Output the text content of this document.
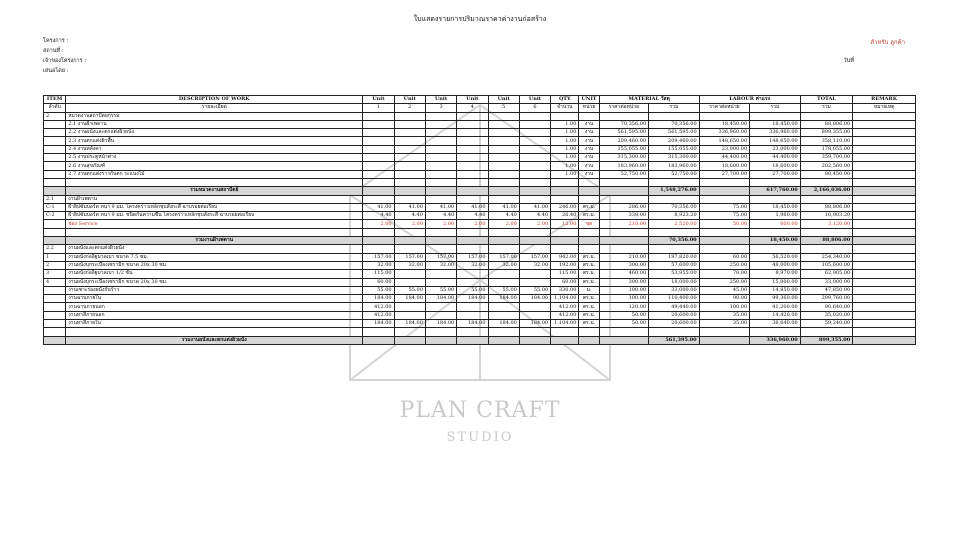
ใบแสดงรายการปริมาณราคาค่างานก่อสร้าง
โครงการ :
สถานที่ :
เจ้าของโครงการ :
เสนอโดย :
สำหรับ ลูกค้า
วันที่
ITEM	DESCRIPTION OF WORK	Unit	Unit	Unit	Unit	Unit	Unit	QTY	UNIT	MATERIAL วัสดุ		LABOUR ค่าแรง		TOTAL	REMARK
ลำดับ	รายละเอียด	1	2	3	4	5	6	จำนวน	หน่วย	ราคาต่อหน่วย	รวม	ราคาต่อหน่วย	รวม	รวม	หมายเหตุ
2	หมวดงานสถาปัตยกรรม														
	2.1 งานฝ้าเพดาน							1.00	งาน	70,356.00	70,356.00	18,450.00	18,450.00	88,806.00	
	2.2 งานผนังและตกแต่งผิวผนัง							1.00	งาน	561,595.00	561,595.00	336,960.00	336,960.00	899,355.00	
	2.3 งานตกแต่งผิวพื้น							1.00	งาน	209,460.00	209,460.00	148,650.00	148,650.00	358,110.00	
	2.4 งานหลังคา							1.00	งาน	155,055.00	155,055.00	23,000.00	23,000.00	178,055.00	
	2.5 งานประตูหน้าต่าง							1.00	งาน	315,300.00	315,300.00	44,400.00	44,400.00	359,700.00	
	2.6 งานสุขภัณฑ์							1.00	งาน	183,960.00	183,960.00	18,600.00	18,600.00	202,560.00	
	2.7 งานตกแต่งราวกันตก ระแนงไม้							1.00	งาน	52,750.00	52,750.00	27,700.00	27,700.00	80,450.00	

	รวมหมวดงานสถาปัตย์										1,548,276.00		617,760.00	2,166,036.00	
2.1	งานฝ้าเพดาน														
C-1	ฝ้ายิปซั่มบอร์ด หนา 9 มม. โครงคร่าวเหล็กชุบสังกะสี ฉาบรอยต่อเรียบ	41.00	41.00	41.00	41.00	41.00	41.00	246.00	ตร.ม.	286.00	70,356.00	75.00	18,450.00	88,806.00	
C-2	ฝ้ายิปซั่มบอร์ด หนา 9 มม. ชนิดกันความชื้น โครงคร่าวเหล็กชุบสังกะสี ฉาบรอยต่อเรียบ	4.40	4.40	4.40	4.40	4.40	4.40	26.40	ตร.ม.	338.00	8,923.20	75.00	1,980.00	10,903.20	
	ช่อง Service	2.00	2.00	2.00	2.00	2.00	2.00	12.00	ชุด	210.00	2,520.00	50.00	600.00	3,120.00	

	รวมงานฝ้าเพดาน										70,356.00		18,450.00	88,806.00	
2.2	งานผนังและตกแต่งผิวผนัง														
1	งานผนังก่ออิฐมวลเบา ขนาด 7.5 ซม.	157.00	157.00	157.00	157.00	157.00	157.00	942.00	ตร.ม.	210.00	197,820.00	60.00	56,520.00	254,340.00	
2	งานผนังบุกระเบื้องเซรามิก ขนาด 20x 30 ซม.	32.00	32.00	32.00	32.00	32.00	32.00	192.00	ตร.ม.	300.00	57,600.00	250.00	48,000.00	105,600.00	
3	งานผนังก่ออิฐมวลเบา 1/2 ชั้น	115.00						115.00	ตร.ม.	460.00	53,955.00	78.00	8,970.00	62,905.00	
4	งานผนังบุกระเบื้องเซรามิก ขนาด 20x 30 ซม.	60.00						60.00	ตร.ม.	300.00	18,000.00	250.00	15,000.00	33,000.00	
	งานเซาะร่องผนังกันร้าว	55.00	55.00	55.00	55.00	55.00	55.00	330.00	ม.	100.00	33,000.00	45.00	14,850.00	47,850.00	
	งานฉาบภายใน	184.00	184.00	184.00	184.00	184.00	184.00	1,104.00	ตร.ม.	100.00	110,400.00	90.00	99,360.00	209,760.00	
	งานฉาบภายนอก	412.00						412.00	ตร.ม.	120.00	49,440.00	100.00	41,200.00	90,640.00	
	งานทาสีภายนอก	412.00						412.00	ตร.ม.	50.00	20,600.00	35.00	14,420.00	35,020.00	
	งานทาสีภายใน	184.00	184.00	184.00	184.00	184.00	184.00	1,104.00	ตร.ม.	50.00	20,600.00	35.00	38,640.00	59,240.00	

	รวมงานผนังและตกแต่งผิวผนัง										561,395.00		336,960.00	899,355.00	
PLAN CRAFT
STUDIO
